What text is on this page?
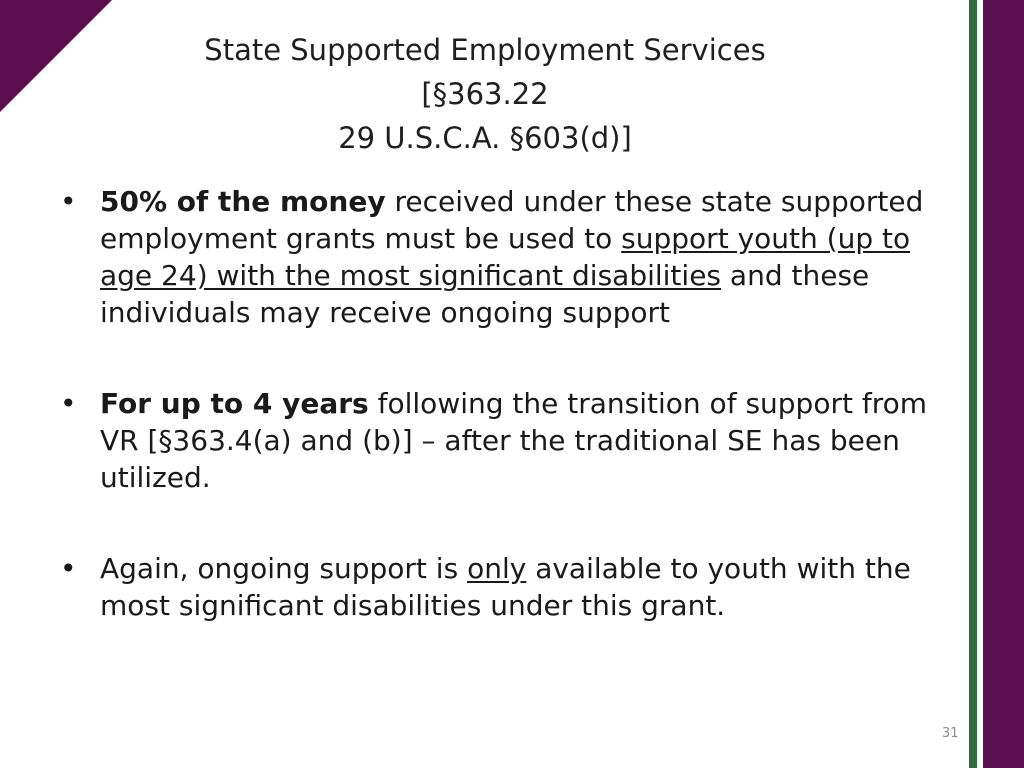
State Supported Employment Services
[§363.22
29 U.S.C.A. §603(d)]
• 50% of the money received under these state supported employment grants must be used to support youth (up to age 24) with the most significant disabilities and these individuals may receive ongoing support
• For up to 4 years following the transition of support from VR [§363.4(a) and (b)] – after the traditional SE has been utilized.
• Again, ongoing support is only available to youth with the most significant disabilities under this grant.
31
